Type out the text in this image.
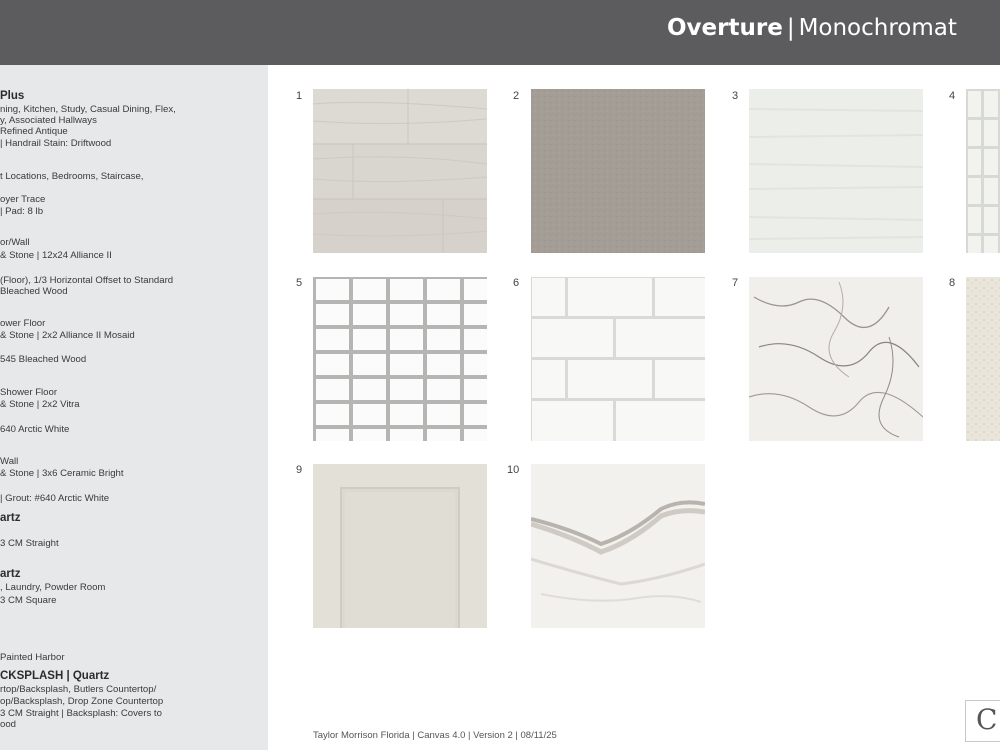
Overture | Monochromat
Plus
ning, Kitchen, Study, Casual Dining, Flex,
y, Associated Hallways
Refined Antique
| Handrail Stain: Driftwood
t Locations, Bedrooms, Staircase,
oyer Trace
| Pad: 8 lb
or/Wall
& Stone | 12x24 Alliance II
(Floor), 1/3 Horizontal Offset to Standard
Bleached Wood
ower Floor
& Stone | 2x2 Alliance II Mosaid
545 Bleached Wood
Shower Floor
& Stone | 2x2 Vitra
640 Arctic White
Wall
& Stone | 3x6 Ceramic Bright
| Grout: #640 Arctic White
artz
3 CM Straight
artz
, Laundry, Powder Room
3 CM Square
Painted Harbor
CKSPLASH | Quartz
rtop/Backsplash, Butlers Countertop/
op/Backsplash, Drop Zone Countertop
3 CM Straight | Backsplash: Covers to
ood
1	2	3	4
5	6	7	8
9	10
Taylor Morrison Florida | Canvas 4.0 | Version 2 | 08/11/25	C
